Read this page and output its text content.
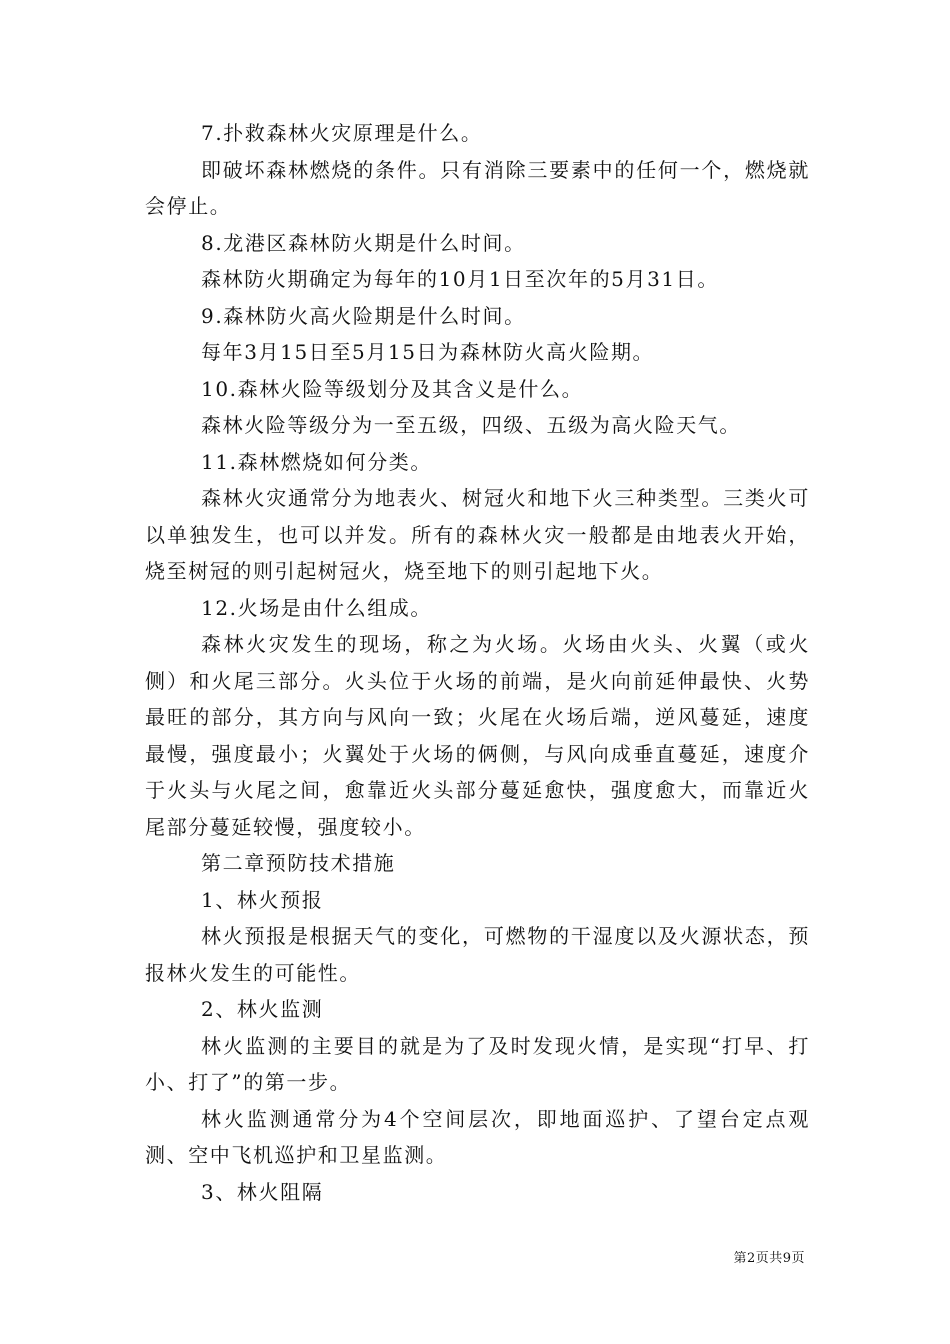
7.扑救森林火灾原理是什么。

即破坏森林燃烧的条件。只有消除三要素中的任何一个，燃烧就会停止。

8.龙港区森林防火期是什么时间。

森林防火期确定为每年的10月1日至次年的5月31日。

9.森林防火高火险期是什么时间。

每年3月15日至5月15日为森林防火高火险期。

10.森林火险等级划分及其含义是什么。

森林火险等级分为一至五级，四级、五级为高火险天气。

11.森林燃烧如何分类。

森林火灾通常分为地表火、树冠火和地下火三种类型。三类火可以单独发生，也可以并发。所有的森林火灾一般都是由地表火开始，烧至树冠的则引起树冠火，烧至地下的则引起地下火。

12.火场是由什么组成。

森林火灾发生的现场，称之为火场。火场由火头、火翼（或火侧）和火尾三部分。火头位于火场的前端，是火向前延伸最快、火势最旺的部分，其方向与风向一致；火尾在火场后端，逆风蔓延，速度最慢，强度最小；火翼处于火场的俩侧，与风向成垂直蔓延，速度介于火头与火尾之间，愈靠近火头部分蔓延愈快，强度愈大，而靠近火尾部分蔓延较慢，强度较小。

第二章预防技术措施

1、林火预报

林火预报是根据天气的变化，可燃物的干湿度以及火源状态，预报林火发生的可能性。

2、林火监测

林火监测的主要目的就是为了及时发现火情，是实现“打早、打小、打了”的第一步。

林火监测通常分为4个空间层次，即地面巡护、了望台定点观测、空中飞机巡护和卫星监测。

3、林火阻隔

第2页共9页
